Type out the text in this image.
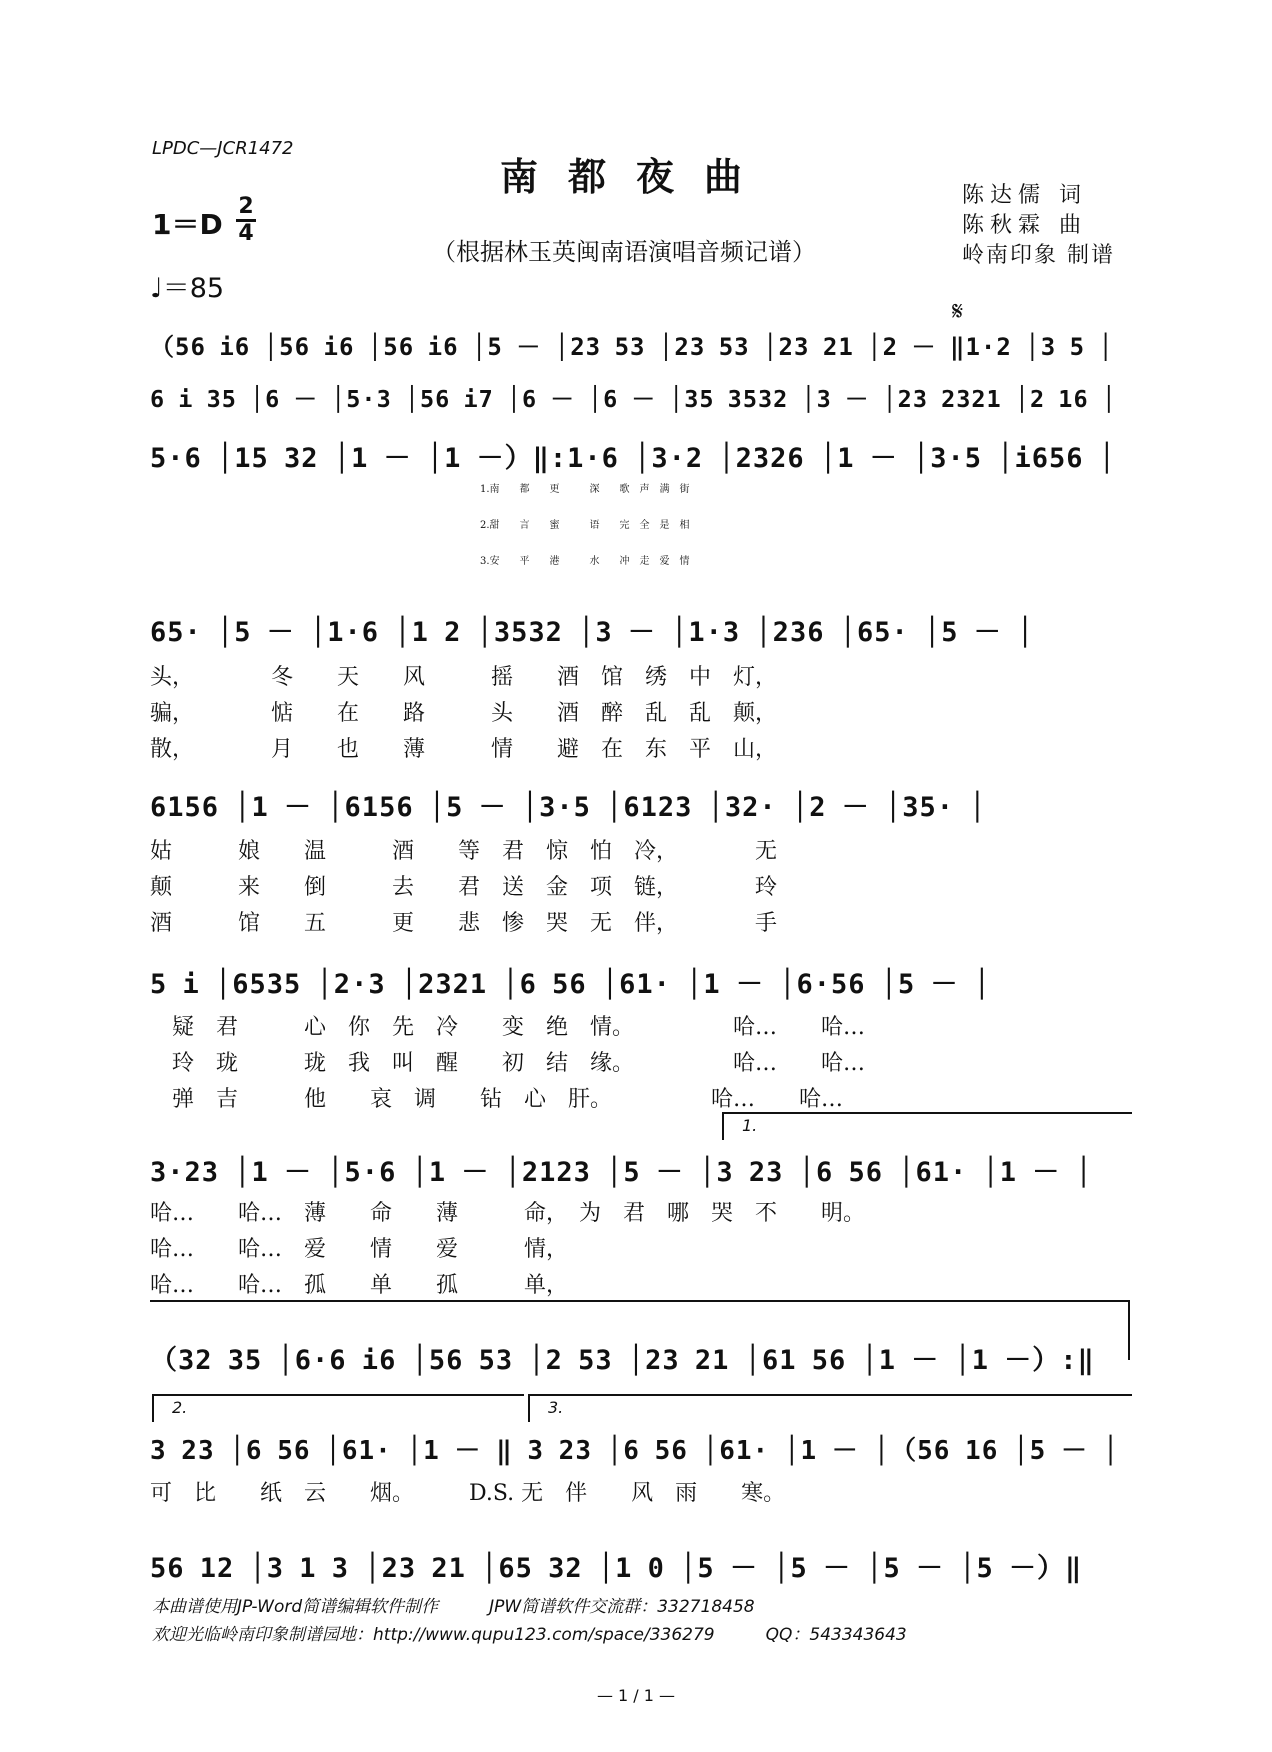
LPDC—JCR1472
南都夜曲
1＝D
2
4
♩＝85
（根据林玉英闽南语演唱音频记谱）
陈达儒 词
陈秋霖 曲
岭南印象 制谱
𝄋
（56 i6 │56 i6 │56 i6 │5 － │23 53 │23 53 │23 21 │2 － ‖1·2 │3 5 │
6 i 35 │6 － │5·3 │56 i7 │6 － │6 － │35 3532 │3 － │23 2321 │2 16 │
5·6 │15 32 │1 － │1 －）‖:1·6 │3·2 │2326 │1 － │3·5 │i656 │
1.南　　都　　更　　　深　　歌　声　满　街
2.甜　　言　　蜜　　　语　　完　全　是　相
3.安　　平　　港　　　水　　冲　走　爱　情
65· │5 － │1·6 │1 2 │3532 │3 － │1·3 │236 │65· │5 － │
头，　　　　冬　　天　　风　　　摇　　酒　馆　绣　中　灯，
骗，　　　　惦　　在　　路　　　头　　酒　醉　乱　乱　颠，
散，　　　　月　　也　　薄　　　情　　避　在　东　平　山，
6156 │1 － │6156 │5 － │3·5 │6123 │32· │2 － │35· │
姑　　　娘　　温　　　酒　　等　君　惊　怕　冷，　　　　无
颠　　　来　　倒　　　去　　君　送　金　项　链，　　　　玲
酒　　　馆　　五　　　更　　悲　惨　哭　无　伴，　　　　手
5 i │6535 │2·3 │2321 │6 56 │61· │1 － │6·56 │5 － │
　疑　君　　　心　你　先　冷　　变　绝　情。　　　　　哈…　　哈…
　玲　珑　　　珑　我　叫　醒　　初　结　缘。　　　　　哈…　　哈…
　弹　吉　　　他　　哀　调　　钻　心　肝。　　　　　哈…　　哈…
1.
3·23 │1 － │5·6 │1 － │2123 │5 － │3 23 │6 56 │61· │1 － │
哈…　　哈…　薄　　命　　薄　　　命，　为　君　哪　哭　不　　明。
哈…　　哈…　爱　　情　　爱　　　情，
哈…　　哈…　孤　　单　　孤　　　单，
（32 35 │6·6 i6 │56 53 │2 53 │23 21 │61 56 │1 － │1 －）:‖
2.	3.
3 23 │6 56 │61· │1 － ‖ 3 23 │6 56 │61· │1 － │（56 16 │5 － │
可　比　　纸　云　　烟。　　　D.S. 无　伴　　风　雨　　寒。
56 12 │3 1 3 │23 21 │65 32 │1 0 │5 － │5 － │5 － │5 －）‖
本曲谱使用JP-Word简谱编辑软件制作　　　JPW简谱软件交流群：332718458
欢迎光临岭南印象制谱园地：http://www.qupu123.com/space/336279　　　QQ：543343643
— 1 / 1 —
